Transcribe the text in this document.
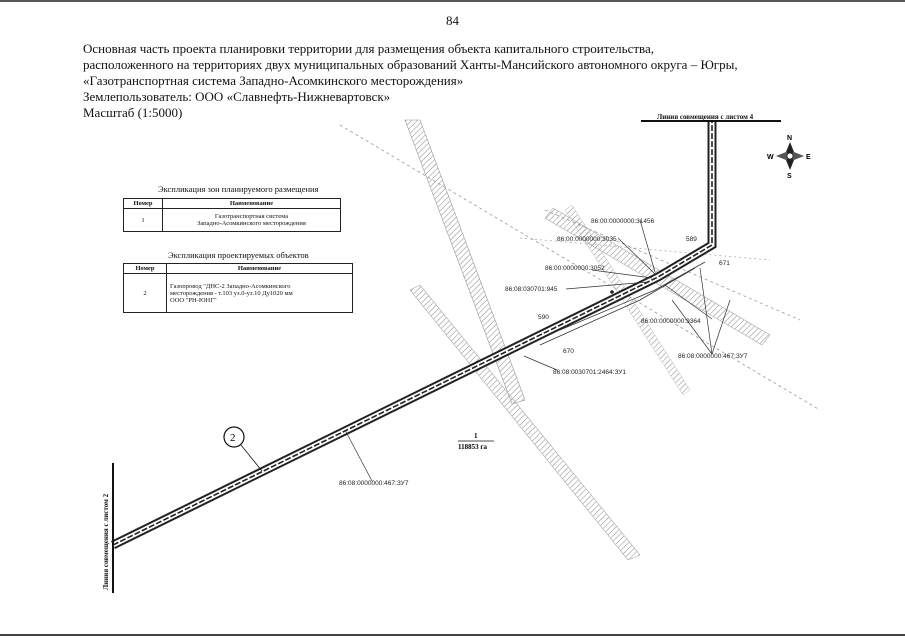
84
Основная часть проекта планировки территории для размещения объекта капитального строительства,
расположенного на территориях двух муниципальных образований Ханты-Мансийского автономного округа – Югры,
«Газотранспортная система Западно-Асомкинского месторождения»
Землепользователь: ООО «Славнефть-Нижневартовск»
Масштаб (1:5000)	Линия совмещения с листом 4
Линия совмещения с листом 2
N
S
W	E
2
86:00:0000000:31456
86:00:0000000:3035
86:00:0000000:3052
86:08:030701:945
86:00:0000000:9364
86:08:0000000:467:ЗУ7
86:08:0030701:2464:ЗУ1
86:08:0000000:467:ЗУ7
589
671
590
670
1
118853 га
Экспликация зон планируемого размещения
Номер	Наименование
1	Газотранспортная система
Западно-Асомкинского месторождения
Экспликация проектируемых объектов
Номер	Наименование
2	Газопровод "ДНС-2 Западно-Асомкинского
месторождения - т.103 уз.0-уз.10 Ду1020 мм
ООО "РН-ЮНГ"
